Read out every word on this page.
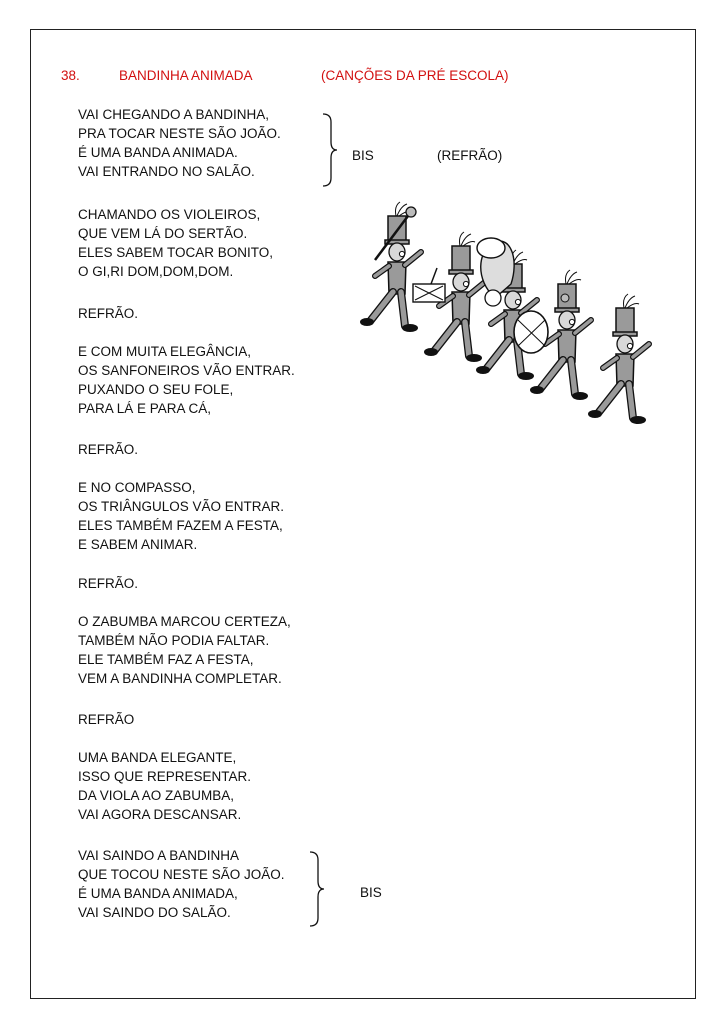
38.	BANDINHA ANIMADA	(CANÇÕES DA PRÉ ESCOLA)
VAI CHEGANDO A BANDINHA,
PRA TOCAR NESTE SÃO JOÃO.
É UMA BANDA ANIMADA.
VAI ENTRANDO NO SALÃO.
BIS	(REFRÃO)
CHAMANDO OS VIOLEIROS,
QUE VEM LÁ DO SERTÃO.
ELES SABEM TOCAR BONITO,
O GI,RI DOM,DOM,DOM.
REFRÃO.
E COM MUITA ELEGÂNCIA,
OS SANFONEIROS VÃO ENTRAR.
PUXANDO O SEU FOLE,
PARA LÁ E PARA CÁ,
REFRÃO.
E NO COMPASSO,
OS TRIÂNGULOS VÃO ENTRAR.
ELES TAMBÉM FAZEM A FESTA,
E SABEM ANIMAR.
REFRÃO.
O ZABUMBA MARCOU CERTEZA,
TAMBÉM NÃO PODIA FALTAR.
ELE TAMBÉM FAZ A FESTA,
VEM A BANDINHA COMPLETAR.
REFRÃO
UMA BANDA ELEGANTE,
ISSO QUE REPRESENTAR.
DA VIOLA AO ZABUMBA,
VAI AGORA DESCANSAR.
VAI SAINDO A BANDINHA
QUE TOCOU NESTE SÃO JOÃO.
É UMA BANDA ANIMADA,
VAI SAINDO DO SALÃO.
BIS
